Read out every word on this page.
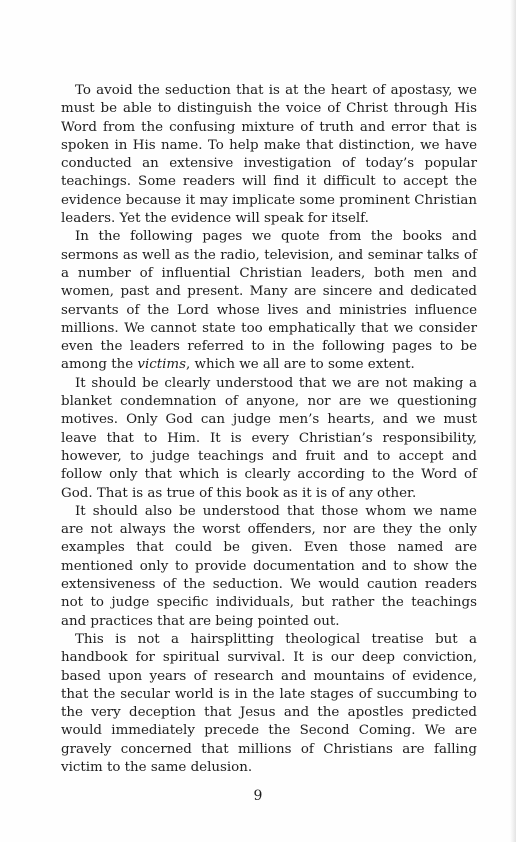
To avoid the seduction that is at the heart of apostasy, we must be able to distinguish the voice of Christ through His Word from the confusing mixture of truth and error that is spoken in His name. To help make that distinction, we have conducted an extensive investigation of today’s popular teachings. Some readers will find it difficult to accept the evidence because it may implicate some prominent Christian leaders. Yet the evidence will speak for itself.

In the following pages we quote from the books and sermons as well as the radio, television, and seminar talks of a number of influential Christian leaders, both men and women, past and present. Many are sincere and dedicated servants of the Lord whose lives and ministries influence millions. We cannot state too emphatically that we consider even the leaders referred to in the following pages to be among the victims, which we all are to some extent.

It should be clearly understood that we are not making a blanket condemnation of anyone, nor are we questioning motives. Only God can judge men’s hearts, and we must leave that to Him. It is every Christian’s responsibility, however, to judge teachings and fruit and to accept and follow only that which is clearly according to the Word of God. That is as true of this book as it is of any other.

It should also be understood that those whom we name are not always the worst offenders, nor are they the only examples that could be given. Even those named are mentioned only to provide documentation and to show the extensiveness of the seduction. We would caution readers not to judge specific individuals, but rather the teachings and practices that are being pointed out.

This is not a hairsplitting theological treatise but a handbook for spiritual survival. It is our deep conviction, based upon years of research and mountains of evidence, that the secular world is in the late stages of succumbing to the very deception that Jesus and the apostles predicted would immediately precede the Second Coming. We are gravely concerned that millions of Christians are falling victim to the same delusion.

9
